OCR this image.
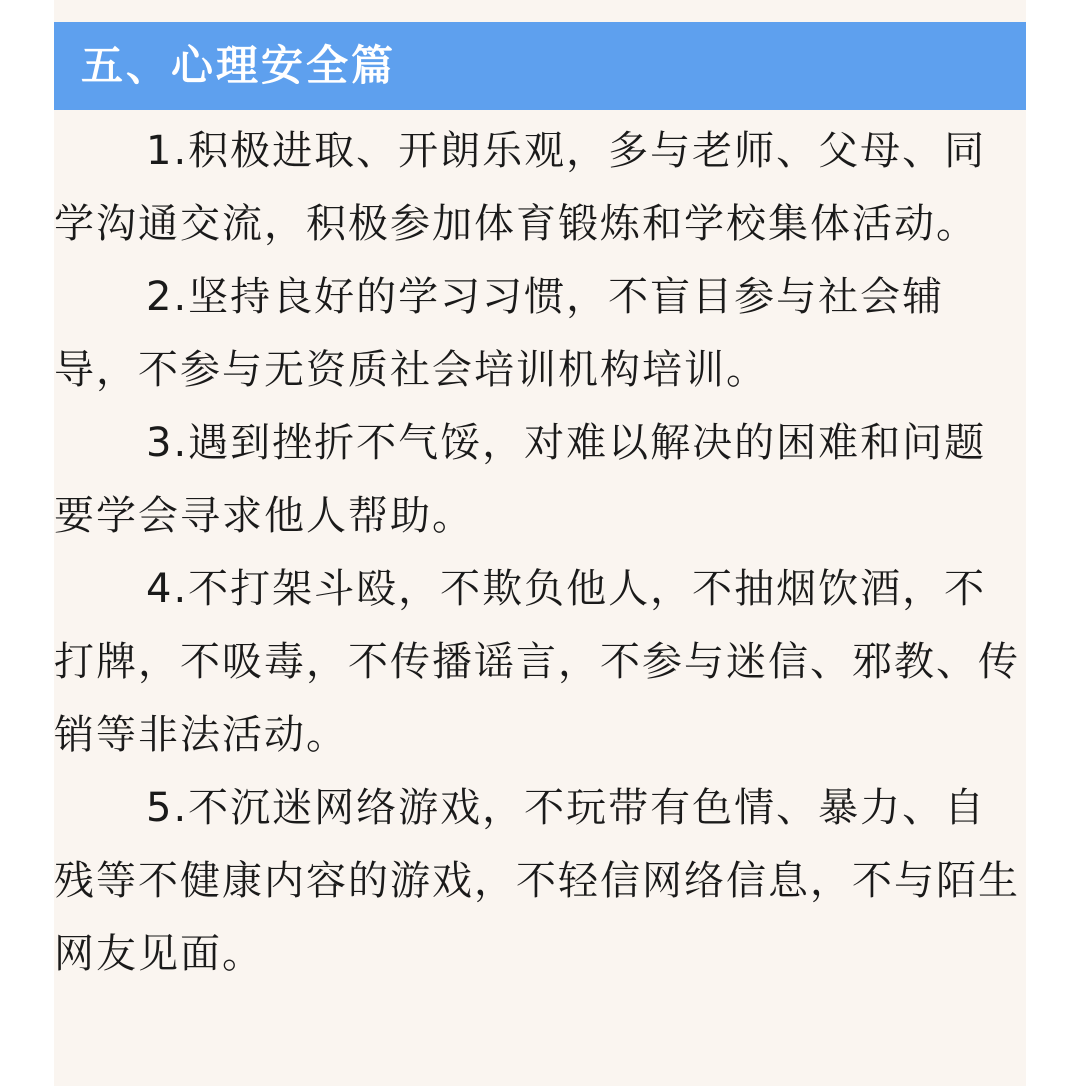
五、心理安全篇

1.积极进取、开朗乐观，多与老师、父母、同学沟通交流，积极参加体育锻炼和学校集体活动。

2.坚持良好的学习习惯，不盲目参与社会辅导，不参与无资质社会培训机构培训。

3.遇到挫折不气馁，对难以解决的困难和问题要学会寻求他人帮助。

4.不打架斗殴，不欺负他人，不抽烟饮酒，不打牌，不吸毒，不传播谣言，不参与迷信、邪教、传销等非法活动。

5.不沉迷网络游戏，不玩带有色情、暴力、自残等不健康内容的游戏，不轻信网络信息，不与陌生网友见面。
